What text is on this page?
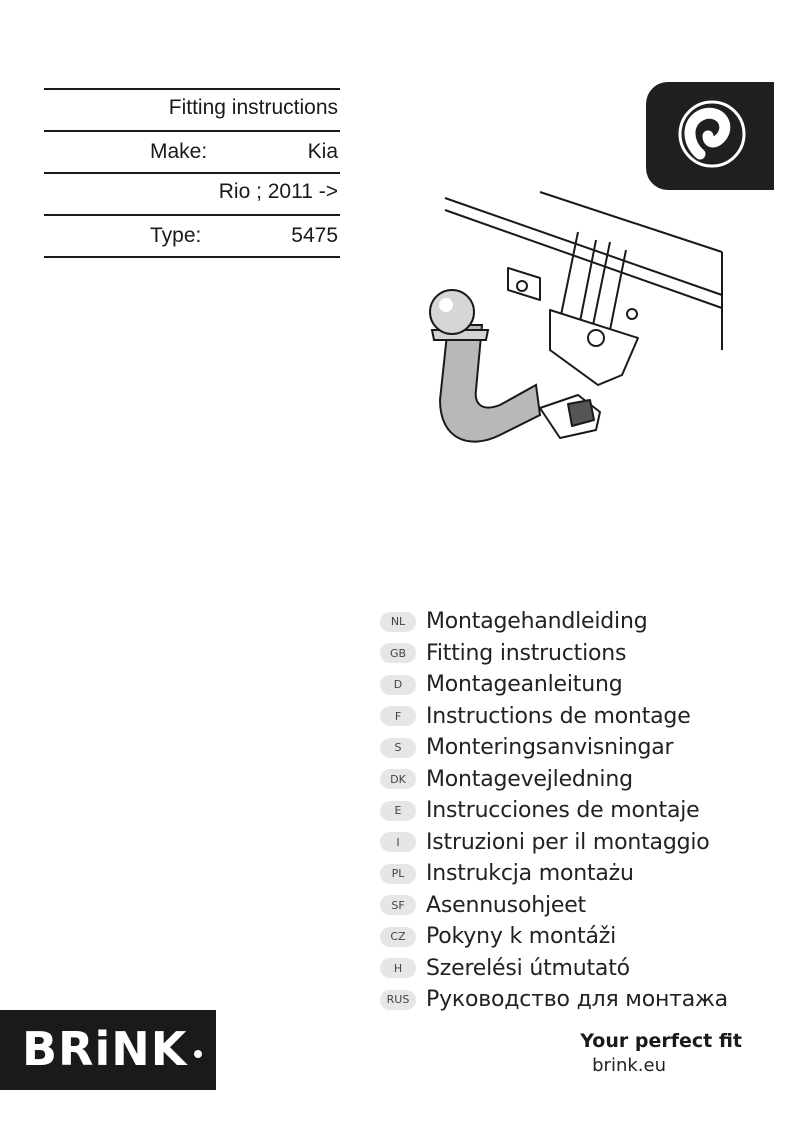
Fitting instructions
Make:	Kia
Rio ; 2011 ->
Type:	5475
NL Montagehandleiding
GB Fitting instructions
D	Montageanleitung
F	Instructions de montage
S	Monteringsanvisningar
DK Montagevejledning
E	Instrucciones de montaje
I	Istruzioni per il montaggio
PL Instrukcja montażu
SF Asennusohjeet
CZ Pokyny k montáži
H	Szerelési útmutató
RUS Руководство для монтажа
BRiNK	Your perfect fit
brink.eu
